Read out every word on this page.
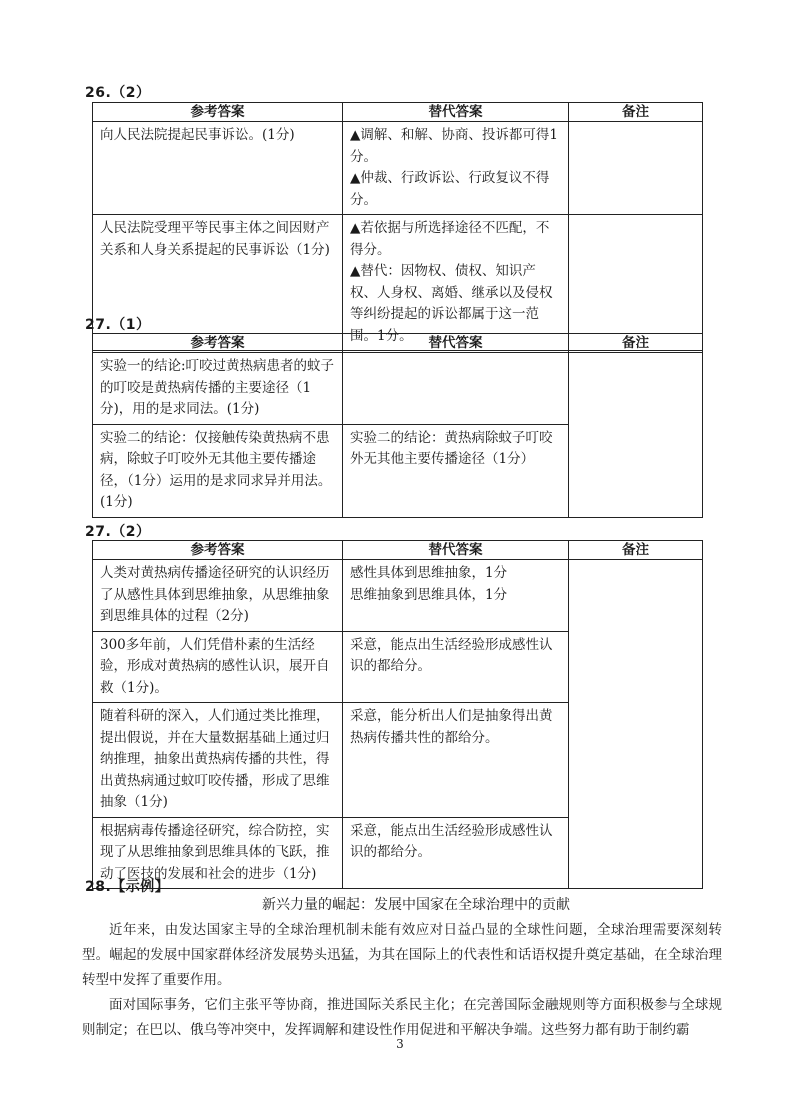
26.（2）
参考答案	替代答案	备注
向人民法院提起民事诉讼。(1分)	▲调解、和解、协商、投诉都可得1分。
▲仲裁、行政诉讼、行政复议不得分。	

人民法院受理平等民事主体之间因财产关系和人身关系提起的民事诉讼（1分)	▲若依据与所选择途径不匹配，不得分。
▲替代：因物权、债权、知识产权、人身权、离婚、继承以及侵权等纠纷提起的诉讼都属于这一范围。1分。	

27.（1）
参考答案	替代答案	备注
实验一的结论:叮咬过黄热病患者的蚊子的叮咬是黄热病传播的主要途径（1分)，用的是求同法。(1分)		
实验二的结论：仅接触传染黄热病不患病，除蚊子叮咬外无其他主要传播途径，（1分）运用的是求同求异并用法。(1分)	实验二的结论：黄热病除蚊子叮咬外无其他主要传播途径（1分）	
27.（2）
参考答案	替代答案	备注
人类对黄热病传播途径研究的认识经历了从感性具体到思维抽象，从思维抽象到思维具体的过程（2分)	感性具体到思维抽象，1分
思维抽象到思维具体，1分	

300多年前，人们凭借朴素的生活经验，形成对黄热病的感性认识，展开自救（1分)。	采意，能点出生活经验形成感性认识的都给分。	
随着科研的深入，人们通过类比推理，提出假说，并在大量数据基础上通过归纳推理，抽象出黄热病传播的共性，得出黄热病通过蚊叮咬传播，形成了思维抽象（1分)	采意，能分析出人们是抽象得出黄热病传播共性的都给分。	
根据病毒传播途径研究，综合防控，实现了从思维抽象到思维具体的飞跃，推动了医技的发展和社会的进步（1分)	采意，能点出生活经验形成感性认识的都给分。	
28.【示例】

新兴力量的崛起：发展中国家在全球治理中的贡献

近年来，由发达国家主导的全球治理机制未能有效应对日益凸显的全球性问题，全球治理需要深刻转型。崛起的发展中国家群体经济发展势头迅猛，为其在国际上的代表性和话语权提升奠定基础，在全球治理转型中发挥了重要作用。

面对国际事务，它们主张平等协商，推进国际关系民主化；在完善国际金融规则等方面积极参与全球规则制定；在巴以、俄乌等冲突中，发挥调解和建设性作用促进和平解决争端。这些努力都有助于制约霸

3
